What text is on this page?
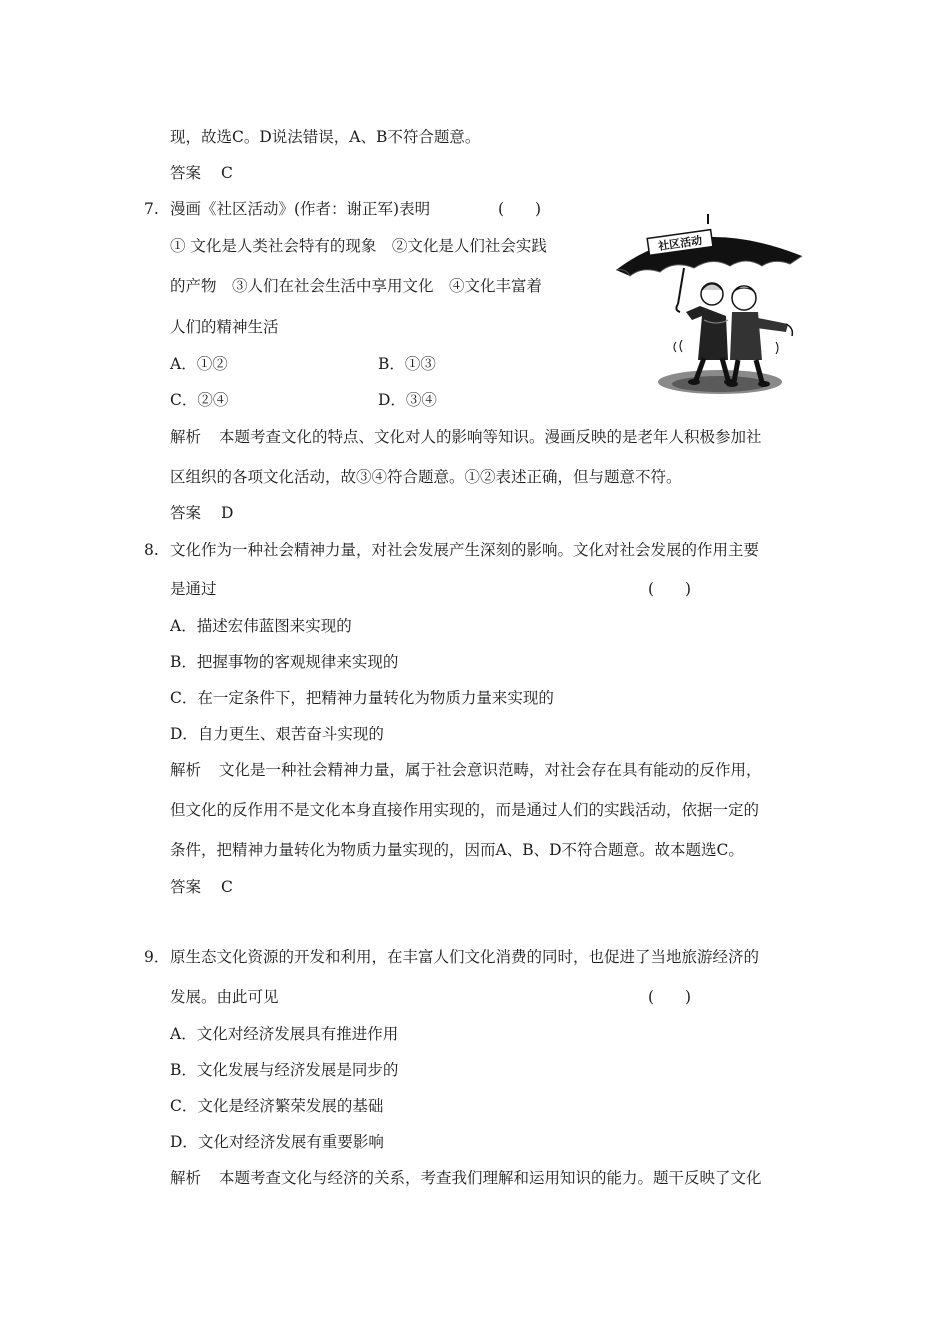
现，故选C。D说法错误，A、B不符合题意。
答案 C
7. 漫画《社区活动》(作者：谢正军)表明	(　　)
① 文化是人类社会特有的现象　②文化是人们社会实践
的产物　③人们在社会生活中享用文化　④文化丰富着
人们的精神生活
A．①②	B．①③
C．②④	D．③④
解析 本题考查文化的特点、文化对人的影响等知识。漫画反映的是老年人积极参加社
区组织的各项文化活动，故③④符合题意。①②表述正确，但与题意不符。
答案 D
社区活动
8. 文化作为一种社会精神力量，对社会发展产生深刻的影响。文化对社会发展的作用主要
是通过	(　　)
A．描述宏伟蓝图来实现的
B．把握事物的客观规律来实现的
C．在一定条件下，把精神力量转化为物质力量来实现的
D．自力更生、艰苦奋斗实现的
解析 文化是一种社会精神力量，属于社会意识范畴，对社会存在具有能动的反作用，
但文化的反作用不是文化本身直接作用实现的，而是通过人们的实践活动，依据一定的
条件，把精神力量转化为物质力量实现的，因而A、B、D不符合题意。故本题选C。
答案 C
9． 原生态文化资源的开发和利用，在丰富人们文化消费的同时，也促进了当地旅游经济的
发展。由此可见	(　　)
A．文化对经济发展具有推进作用
B．文化发展与经济发展是同步的
C．文化是经济繁荣发展的基础
D．文化对经济发展有重要影响
解析 本题考查文化与经济的关系，考查我们理解和运用知识的能力。题干反映了文化
